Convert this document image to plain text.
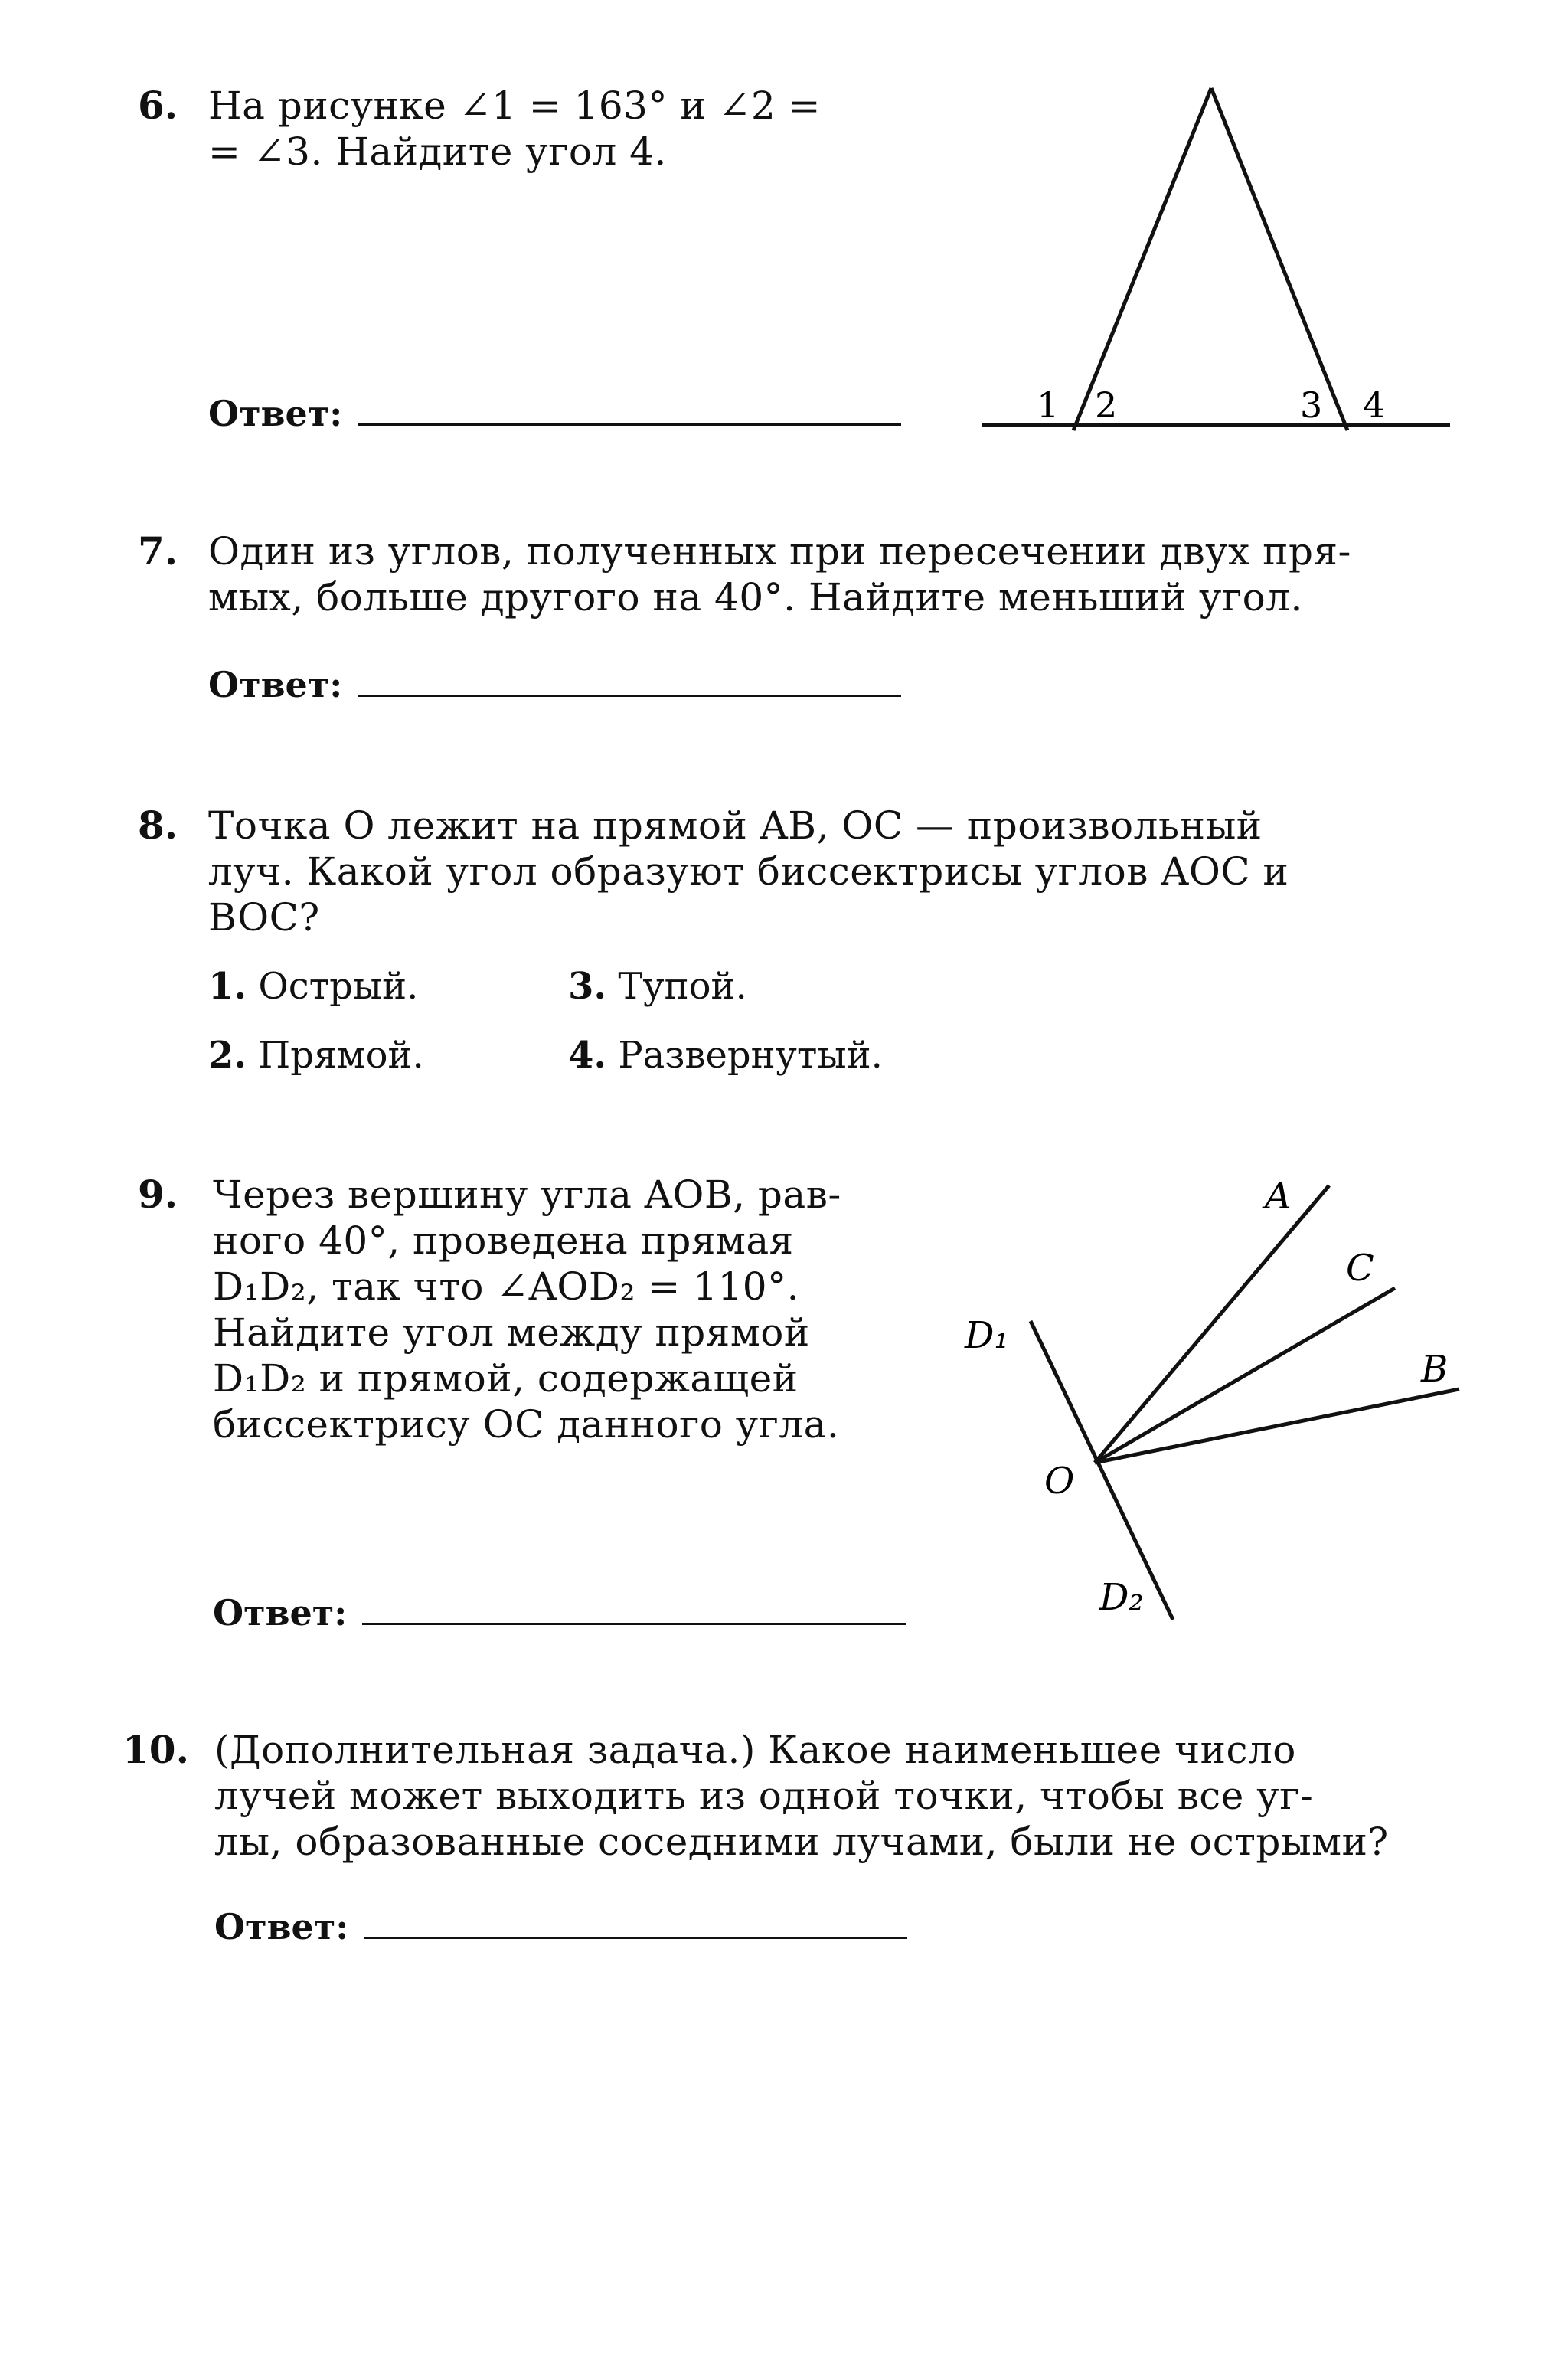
6. На рисунке ∠1 = 163° и ∠2 =
= ∠3. Найдите угол 4.
Ответ:	1 2	3 4
7. Один из углов, полученных при пересечении двух пря-
мых, больше другого на 40°. Найдите меньший угол.
Ответ:
8. Точка O лежит на прямой AB, OC — произвольный
луч. Какой угол образуют биссектрисы углов AOC и
BOC?
1. Острый.
2. Прямой.
3. Тупой.
4. Развернутый.
9. Через вершину угла AOB, рав-
ного 40°, проведена прямая
D₁D₂, так что ∠AOD₂ = 110°.
Найдите угол между прямой
D₁D₂ и прямой, содержащей
биссектрису OC данного угла.
Ответ:
A
C
B
D₁
O
D₂
10. (Дополнительная задача.) Какое наименьшее число
лучей может выходить из одной точки, чтобы все уг-
лы, образованные соседними лучами, были не острыми?
Ответ:
